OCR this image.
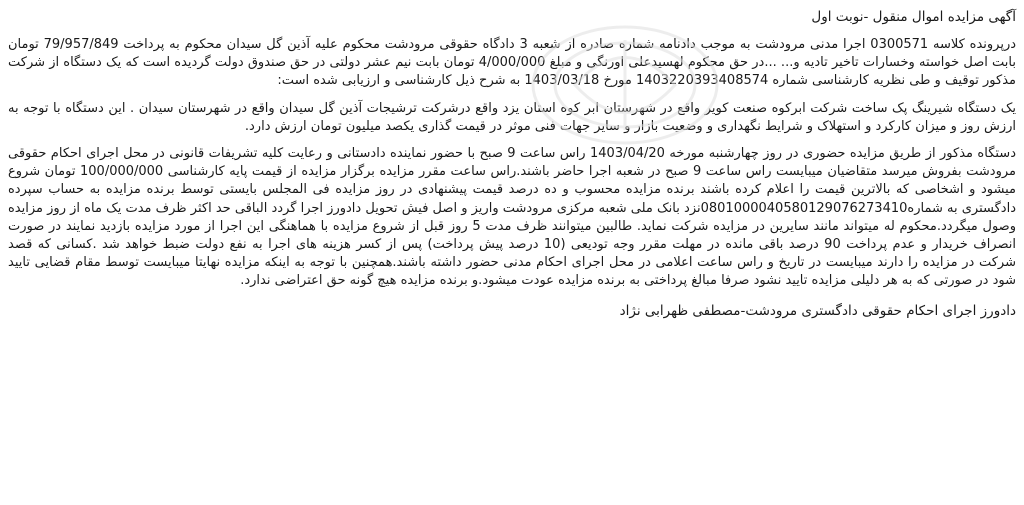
آگهی مزایده اموال منقول -نوبت اول

درپرونده کلاسه 0300571 اجرا مدنی مرودشت به موجب دادنامه شماره صادره از شعبه 3 دادگاه حقوقی مرودشت محکوم علیه آذین گل سیدان محکوم به پرداخت 79/957/849 تومان بابت اصل خواسته وخسارات تاخیر تادیه و... ...در حق محکوم لهسیدعلی اورنگی و مبلغ 4/000/000 تومان بابت نیم عشر دولتی در حق صندوق دولت گردیده است که یک دستگاه از شرکت مذکور توقیف و طی نظریه کارشناسی شماره 1403220393408574 مورخ 1403/03/18 به شرح ذیل کارشناسی و ارزیابی شده است:

یک دستگاه شیرینگ پک ساخت شرکت ابرکوه صنعت کویر واقع در شهرستان ابر کوه استان یزد واقع درشرکت ترشیجات آذین گل سیدان واقع در شهرستان سیدان . این دستگاه با توجه به ارزش روز و میزان کارکرد و استهلاک و شرایط نگهداری و وضعیت بازار و سایر جهات فنی موثر در قیمت گذاری یکصد میلیون تومان ارزش دارد.

دستگاه مذکور از طریق مزایده حضوری در روز چهارشنبه مورخه 1403/04/20 راس ساعت 9 صبح با حضور نماینده دادستانی و رعایت کلیه تشریفات قانونی در محل اجرای احکام حقوقی مرودشت بفروش میرسد متقاضیان میبایست راس ساعت 9 صبح در شعبه اجرا حاضر باشند.راس ساعت مقرر مزایده برگزار مزایده از قیمت پایه کارشناسی 100/000/000 تومان شروع میشود و اشخاصی که بالاترین قیمت را اعلام کرده باشند برنده مزایده محسوب و ده درصد قیمت پیشنهادی در روز مزایده فی المجلس بایستی توسط برنده مزایده به حساب سپرده دادگستری به شماره0801000040580129076273410نزد بانک ملی شعبه مرکزی مرودشت واریز و اصل فیش تحویل دادورز اجرا گردد الباقی حد اکثر ظرف مدت یک ماه از روز مزایده وصول میگردد.محکوم له میتواند مانند سایرین در مزایده شرکت نماید. طالبین میتوانند ظرف مدت 5 روز قبل از شروع مزایده با هماهنگی این اجرا از مورد مزایده بازدید نمایند در صورت انصراف خریدار و عدم پرداخت 90 درصد باقی مانده در مهلت مقرر وجه تودیعی (10 درصد پیش پرداخت) پس از کسر هزینه های اجرا به نفع دولت ضبط خواهد شد .کسانی که قصد شرکت در مزایده را دارند میبایست در تاریخ و راس ساعت اعلامی در محل اجرای احکام مدنی حضور داشته باشند.همچنین با توجه به اینکه مزایده نهایتا میبایست توسط مقام قضایی تایید شود در صورتی که به هر دلیلی مزایده تایید نشود صرفا مبالغ پرداختی به برنده مزایده عودت میشود.و برنده مزایده هیچ گونه حق اعتراضی ندارد.

دادورز اجرای احکام حقوقی دادگستری مرودشت-مصطفی ظهرابی نژاد
